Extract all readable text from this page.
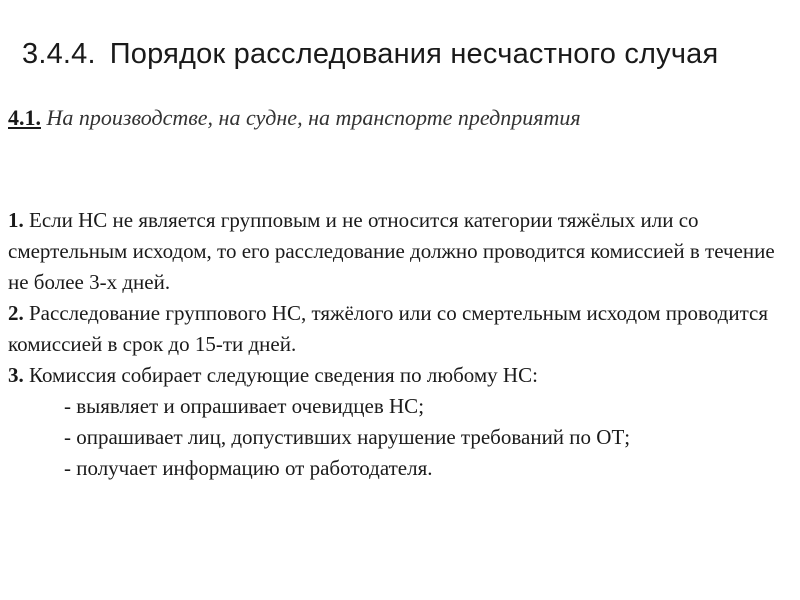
3.4.4. Порядок расследования несчастного случая
4.1. На производстве, на судне, на транспорте предприятия

1. Если НС не является групповым и не относится категории тяжёлых или со смертельным исходом, то его расследование должно проводится комиссией в течение не более 3-х дней.

2. Расследование группового НС, тяжёлого или со смертельным исходом проводится комиссией в срок до 15-ти дней.

3. Комиссия собирает следующие сведения по любому НС:

- выявляет и опрашивает очевидцев НС;

- опрашивает лиц, допустивших нарушение требований по ОТ;

- получает информацию от работодателя.
